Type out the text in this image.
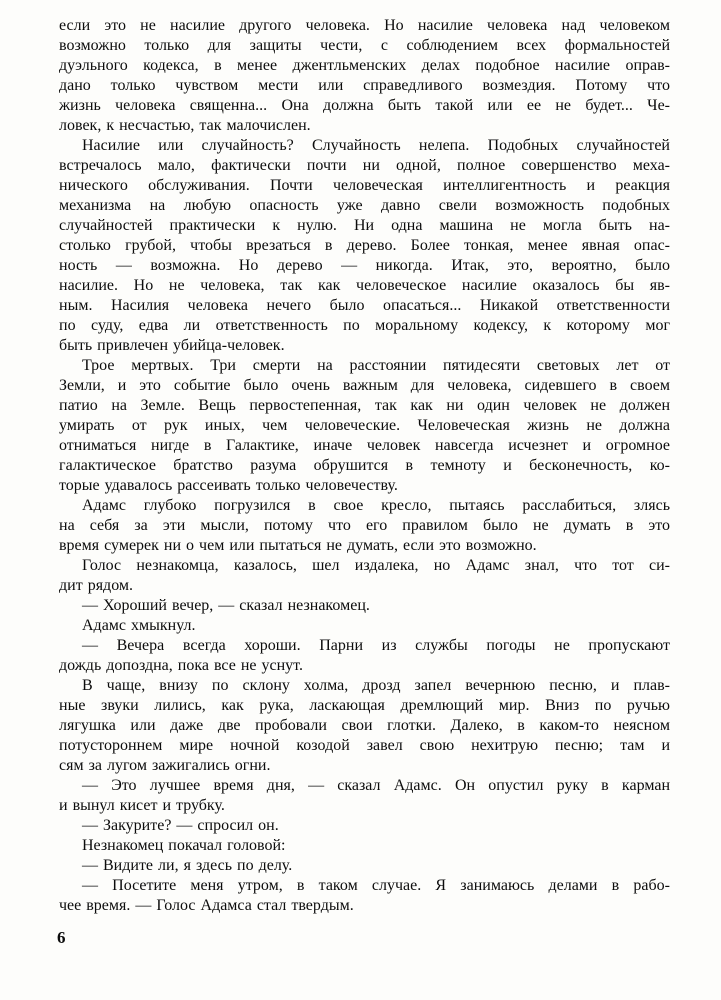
если это не насилие другого человека. Но насилие человека над человеком
возможно только для защиты чести, с соблюдением всех формальностей
дуэльного кодекса, в менее джентльменских делах подобное насилие оправ-
дано только чувством мести или справедливого возмездия. Потому что
жизнь человека священна... Она должна быть такой или ее не будет... Че-
ловек, к несчастью, так малочислен.
Насилие или случайность? Случайность нелепа. Подобных случайностей
встречалось мало, фактически почти ни одной, полное совершенство меха-
нического обслуживания. Почти человеческая интеллигентность и реакция
механизма на любую опасность уже давно свели возможность подобных
случайностей практически к нулю. Ни одна машина не могла быть на-
столько грубой, чтобы врезаться в дерево. Более тонкая, менее явная опас-
ность — возможна. Но дерево — никогда. Итак, это, вероятно, было
насилие. Но не человека, так как человеческое насилие оказалось бы яв-
ным. Насилия человека нечего было опасаться... Никакой ответственности
по суду, едва ли ответственность по моральному кодексу, к которому мог
быть привлечен убийца-человек.
Трое мертвых. Три смерти на расстоянии пятидесяти световых лет от
Земли, и это событие было очень важным для человека, сидевшего в своем
патио на Земле. Вещь первостепенная, так как ни один человек не должен
умирать от рук иных, чем человеческие. Человеческая жизнь не должна
отниматься нигде в Галактике, иначе человек навсегда исчезнет и огромное
галактическое братство разума обрушится в темноту и бесконечность, ко-
торые удавалось рассеивать только человечеству.
Адамс глубоко погрузился в свое кресло, пытаясь расслабиться, злясь
на себя за эти мысли, потому что его правилом было не думать в это
время сумерек ни о чем или пытаться не думать, если это возможно.
Голос незнакомца, казалось, шел издалека, но Адамс знал, что тот си-
дит рядом.
— Хороший вечер, — сказал незнакомец.
Адамс хмыкнул.
— Вечера всегда хороши. Парни из службы погоды не пропускают
дождь допоздна, пока все не уснут.
В чаще, внизу по склону холма, дрозд запел вечернюю песню, и плав-
ные звуки лились, как рука, ласкающая дремлющий мир. Вниз по ручью
лягушка или даже две пробовали свои глотки. Далеко, в каком-то неясном
потустороннем мире ночной козодой завел свою нехитрую песню; там и
сям за лугом зажигались огни.
— Это лучшее время дня, — сказал Адамс. Он опустил руку в карман
и вынул кисет и трубку.
— Закурите? — спросил он.
Незнакомец покачал головой:
— Видите ли, я здесь по делу.
— Посетите меня утром, в таком случае. Я занимаюсь делами в рабо-
чее время. — Голос Адамса стал твердым.
6
